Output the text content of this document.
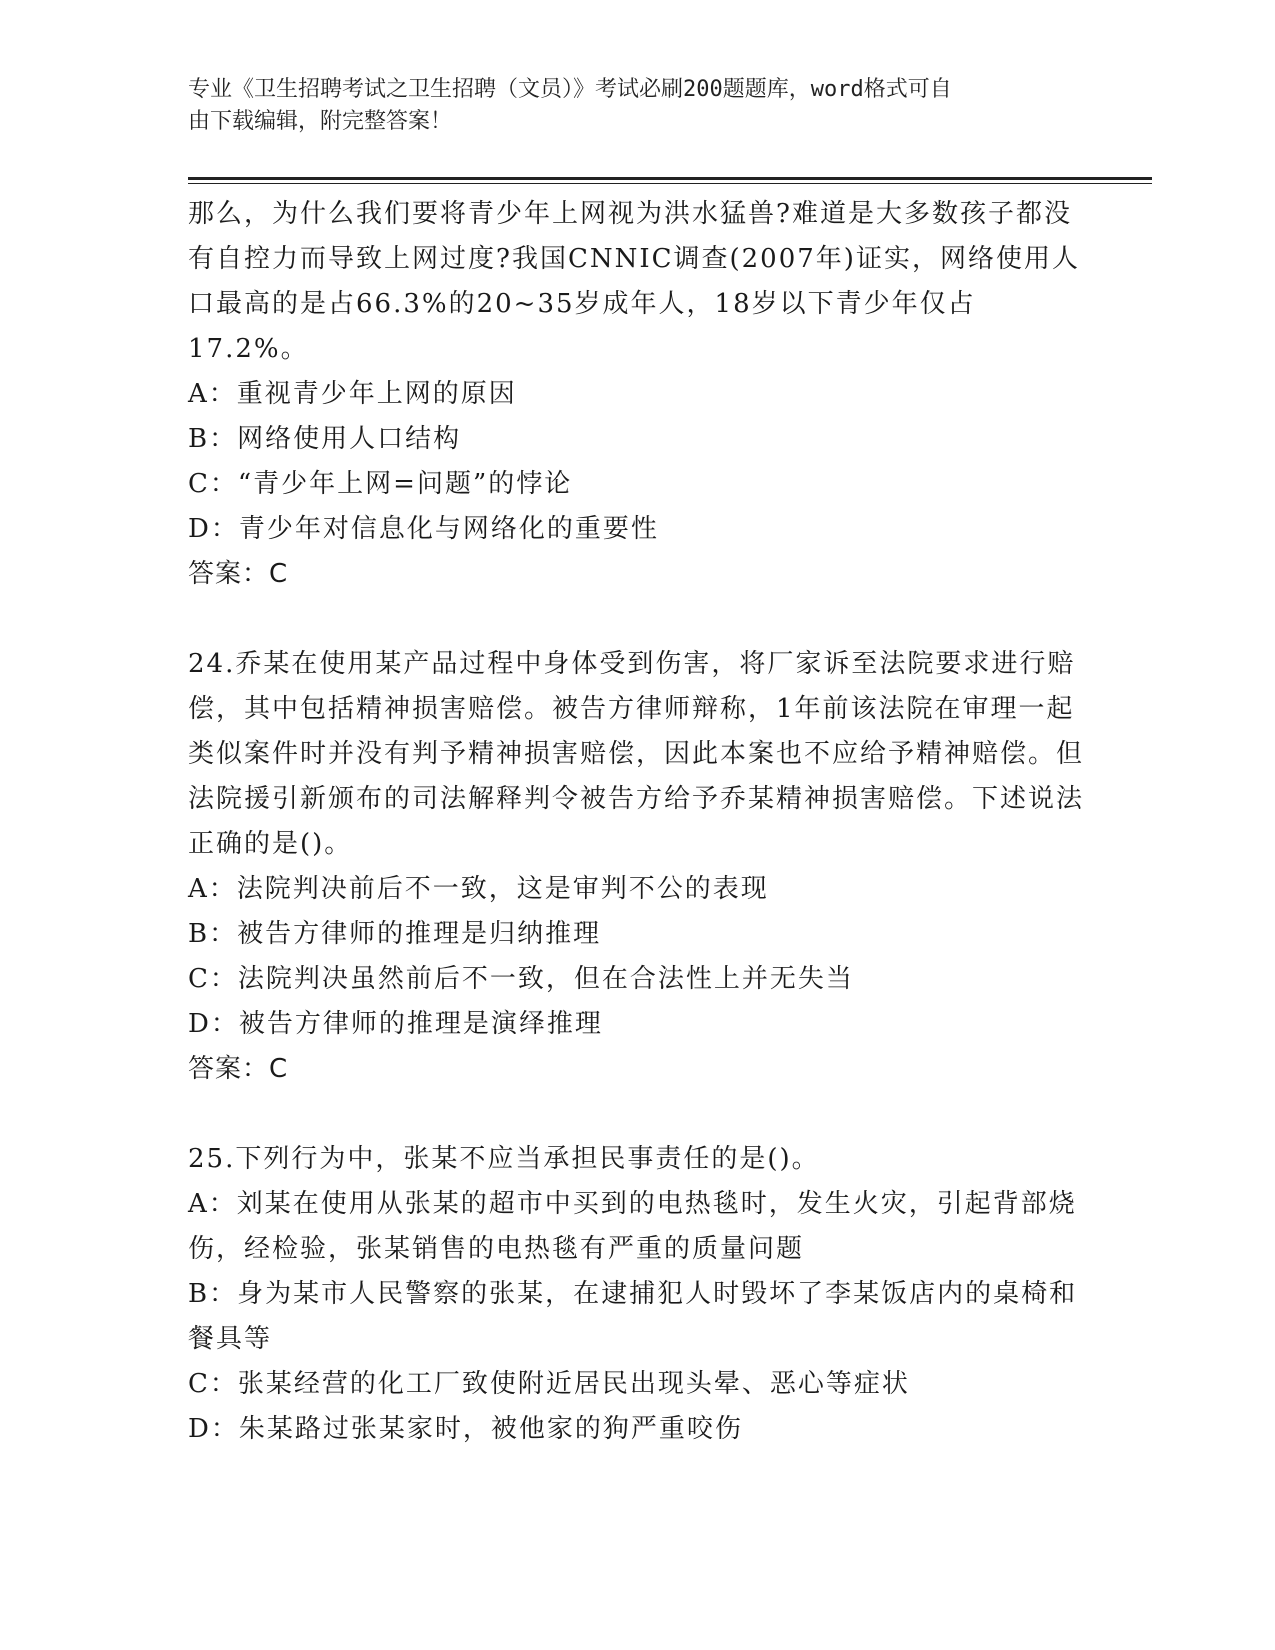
专业《卫生招聘考试之卫生招聘（文员）》考试必刷200题题库，word格式可自
由下载编辑，附完整答案！

那么，为什么我们要将青少年上网视为洪水猛兽?难道是大多数孩子都没有自控力而导致上网过度?我国CNNIC调查(2007年)证实，网络使用人口最高的是占66.3%的20~35岁成年人，18岁以下青少年仅占17.2%。

A：重视青少年上网的原因

B：网络使用人口结构

C：“青少年上网=问题”的悖论

D：青少年对信息化与网络化的重要性

答案：C

24.乔某在使用某产品过程中身体受到伤害，将厂家诉至法院要求进行赔偿，其中包括精神损害赔偿。被告方律师辩称，1年前该法院在审理一起类似案件时并没有判予精神损害赔偿，因此本案也不应给予精神赔偿。但法院援引新颁布的司法解释判令被告方给予乔某精神损害赔偿。下述说法正确的是()。

A：法院判决前后不一致，这是审判不公的表现

B：被告方律师的推理是归纳推理

C：法院判决虽然前后不一致，但在合法性上并无失当

D：被告方律师的推理是演绎推理

答案：C

25.下列行为中，张某不应当承担民事责任的是()。

A：刘某在使用从张某的超市中买到的电热毯时，发生火灾，引起背部烧伤，经检验，张某销售的电热毯有严重的质量问题

B：身为某市人民警察的张某，在逮捕犯人时毁坏了李某饭店内的桌椅和餐具等

C：张某经营的化工厂致使附近居民出现头晕、恶心等症状

D：朱某路过张某家时，被他家的狗严重咬伤
